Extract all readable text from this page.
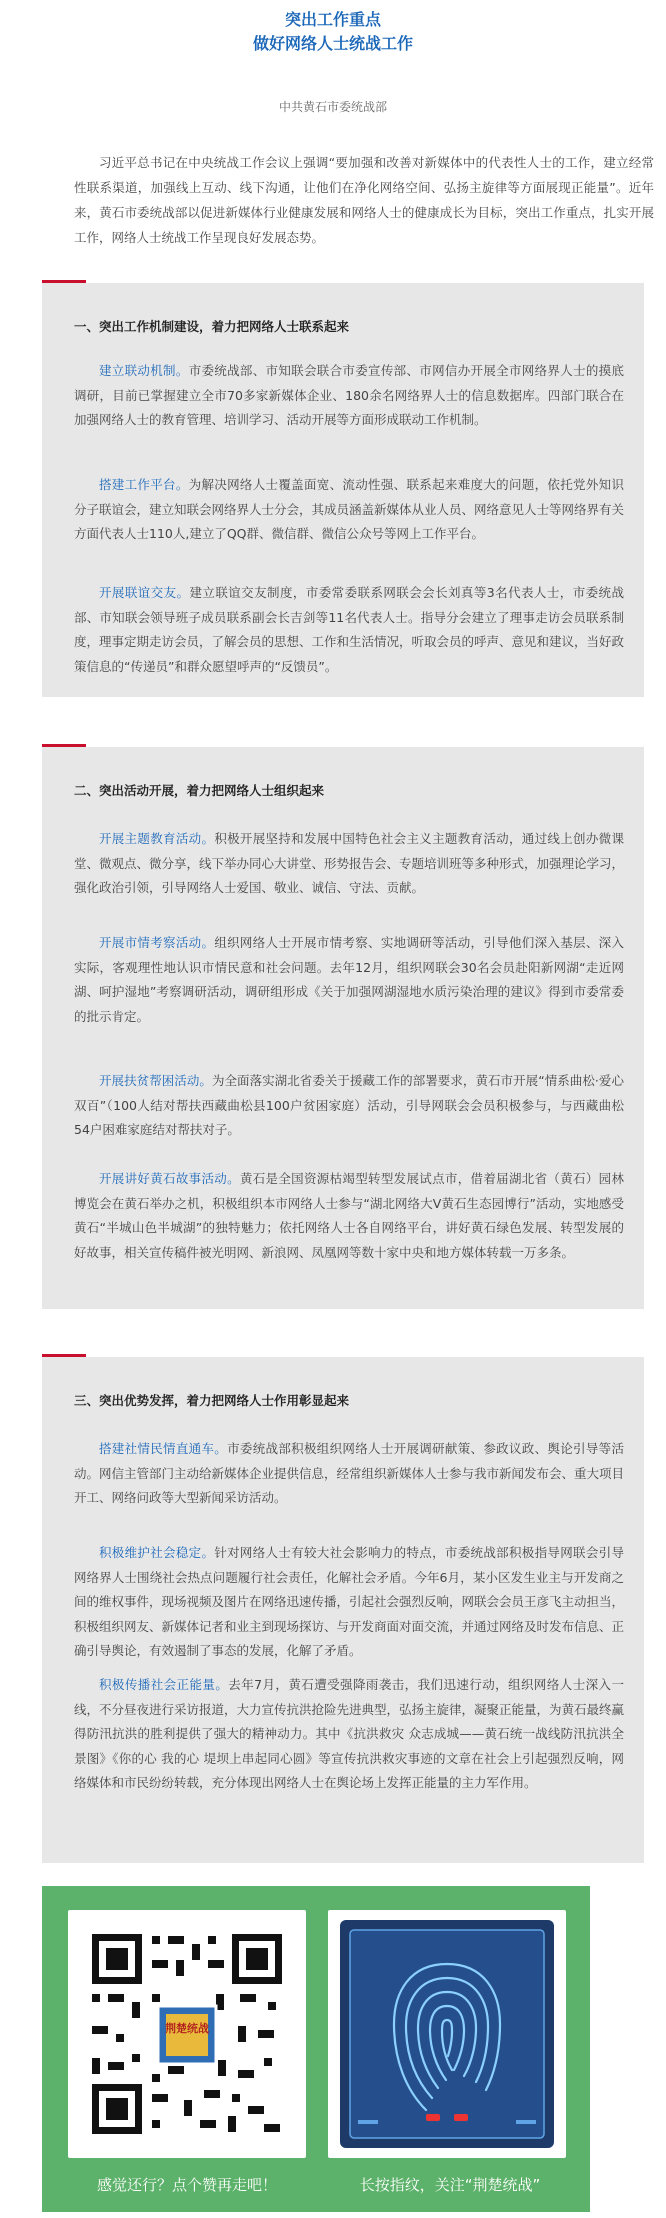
突出工作重点
做好网络人士统战工作
中共黄石市委统战部

习近平总书记在中央统战工作会议上强调“要加强和改善对新媒体中的代表性人士的工作，建立经常性联系渠道，加强线上互动、线下沟通，让他们在净化网络空间、弘扬主旋律等方面展现正能量”。近年来，黄石市委统战部以促进新媒体行业健康发展和网络人士的健康成长为目标，突出工作重点，扎实开展工作，网络人士统战工作呈现良好发展态势。

一、突出工作机制建设，着力把网络人士联系起来

建立联动机制。市委统战部、市知联会联合市委宣传部、市网信办开展全市网络界人士的摸底调研，目前已掌握建立全市70多家新媒体企业、180余名网络界人士的信息数据库。四部门联合在加强网络人士的教育管理、培训学习、活动开展等方面形成联动工作机制。

搭建工作平台。为解决网络人士覆盖面宽、流动性强、联系起来难度大的问题，依托党外知识分子联谊会，建立知联会网络界人士分会，其成员涵盖新媒体从业人员、网络意见人士等网络界有关方面代表人士110人,建立了QQ群、微信群、微信公众号等网上工作平台。

开展联谊交友。建立联谊交友制度，市委常委联系网联会会长刘真等3名代表人士，市委统战部、市知联会领导班子成员联系副会长吉剑等11名代表人士。指导分会建立了理事走访会员联系制度，理事定期走访会员，了解会员的思想、工作和生活情况，听取会员的呼声、意见和建议，当好政策信息的“传递员”和群众愿望呼声的“反馈员”。

二、突出活动开展，着力把网络人士组织起来

开展主题教育活动。积极开展坚持和发展中国特色社会主义主题教育活动，通过线上创办微课堂、微观点、微分享，线下举办同心大讲堂、形势报告会、专题培训班等多种形式，加强理论学习，强化政治引领，引导网络人士爱国、敬业、诚信、守法、贡献。

开展市情考察活动。组织网络人士开展市情考察、实地调研等活动，引导他们深入基层、深入实际，客观理性地认识市情民意和社会问题。去年12月，组织网联会30名会员赴阳新网湖“走近网湖、呵护湿地”考察调研活动，调研组形成《关于加强网湖湿地水质污染治理的建议》得到市委常委的批示肯定。

开展扶贫帮困活动。为全面落实湖北省委关于援藏工作的部署要求，黄石市开展“情系曲松·爱心双百”（100人结对帮扶西藏曲松县100户贫困家庭）活动，引导网联会会员积极参与，与西藏曲松54户困难家庭结对帮扶对子。

开展讲好黄石故事活动。黄石是全国资源枯竭型转型发展试点市，借着届湖北省（黄石）园林博览会在黄石举办之机，积极组织本市网络人士参与“湖北网络大V黄石生态园博行”活动，实地感受黄石“半城山色半城湖”的独特魅力；依托网络人士各自网络平台，讲好黄石绿色发展、转型发展的好故事，相关宣传稿件被光明网、新浪网、凤凰网等数十家中央和地方媒体转载一万多条。

三、突出优势发挥，着力把网络人士作用彰显起来

搭建社情民情直通车。市委统战部积极组织网络人士开展调研献策、参政议政、舆论引导等活动。网信主管部门主动给新媒体企业提供信息，经常组织新媒体人士参与我市新闻发布会、重大项目开工、网络问政等大型新闻采访活动。

积极维护社会稳定。针对网络人士有较大社会影响力的特点，市委统战部积极指导网联会引导网络界人士围绕社会热点问题履行社会责任，化解社会矛盾。今年6月，某小区发生业主与开发商之间的维权事件，现场视频及图片在网络迅速传播，引起社会强烈反响，网联会会员王彦飞主动担当，积极组织网友、新媒体记者和业主到现场探访、与开发商面对面交流，并通过网络及时发布信息、正确引导舆论，有效遏制了事态的发展，化解了矛盾。

积极传播社会正能量。去年7月，黄石遭受强降雨袭击，我们迅速行动，组织网络人士深入一线，不分昼夜进行采访报道，大力宣传抗洪抢险先进典型，弘扬主旋律，凝聚正能量，为黄石最终赢得防汛抗洪的胜利提供了强大的精神动力。其中《抗洪救灾 众志成城——黄石统一战线防汛抗洪全景图》《你的心 我的心 堤坝上串起同心圆》等宣传抗洪救灾事迹的文章在社会上引起强烈反响，网络媒体和市民纷纷转载，充分体现出网络人士在舆论场上发挥正能量的主力军作用。

荆楚统战
感觉还行？点个赞再走吧！	长按指纹，关注“荆楚统战”
